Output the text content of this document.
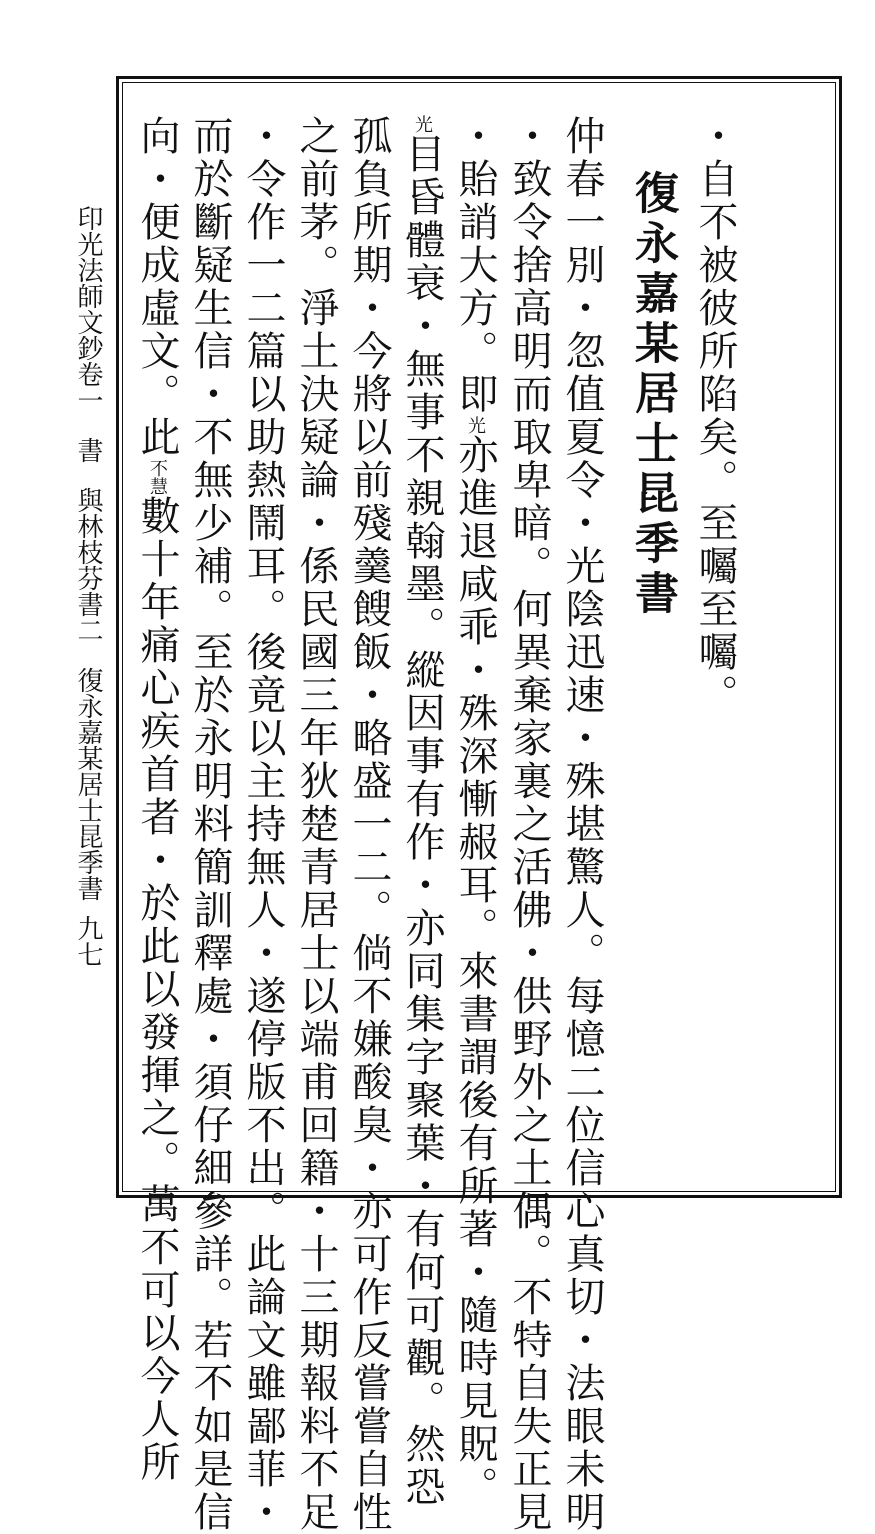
・自不被彼所陷矣。至囑至囑。
復永嘉某居士昆季書
仲春一別・忽值夏令・光陰迅速・殊堪驚人。每憶二位信心真切・法眼未明
・致令捨高明而取卑暗。何異棄家裏之活佛・供野外之土偶。不特自失正見
・貽誚大方。即光亦進退咸乖・殊深慚赧耳。來書謂後有所著・隨時見貺。
光目昏體衰・無事不親翰墨。縱因事有作・亦同集字聚葉・有何可觀。然恐
孤負所期・今將以前殘羹餿飯・略盛一二。倘不嫌酸臭・亦可作反嘗嘗自性
之前茅。淨土決疑論・係民國三年狄楚青居士以端甫回籍・十三期報料不足
・令作一二篇以助熱鬧耳。後竟以主持無人・遂停版不出。此論文雖鄙菲・
而於斷疑生信・不無少補。至於永明料簡訓釋處・須仔細參詳。若不如是信
向・便成虛文。此不慧數十年痛心疾首者・於此以發揮之。萬不可以今人所
印光法師文鈔卷一書與林枝芬書二復永嘉某居士昆季書
九七
